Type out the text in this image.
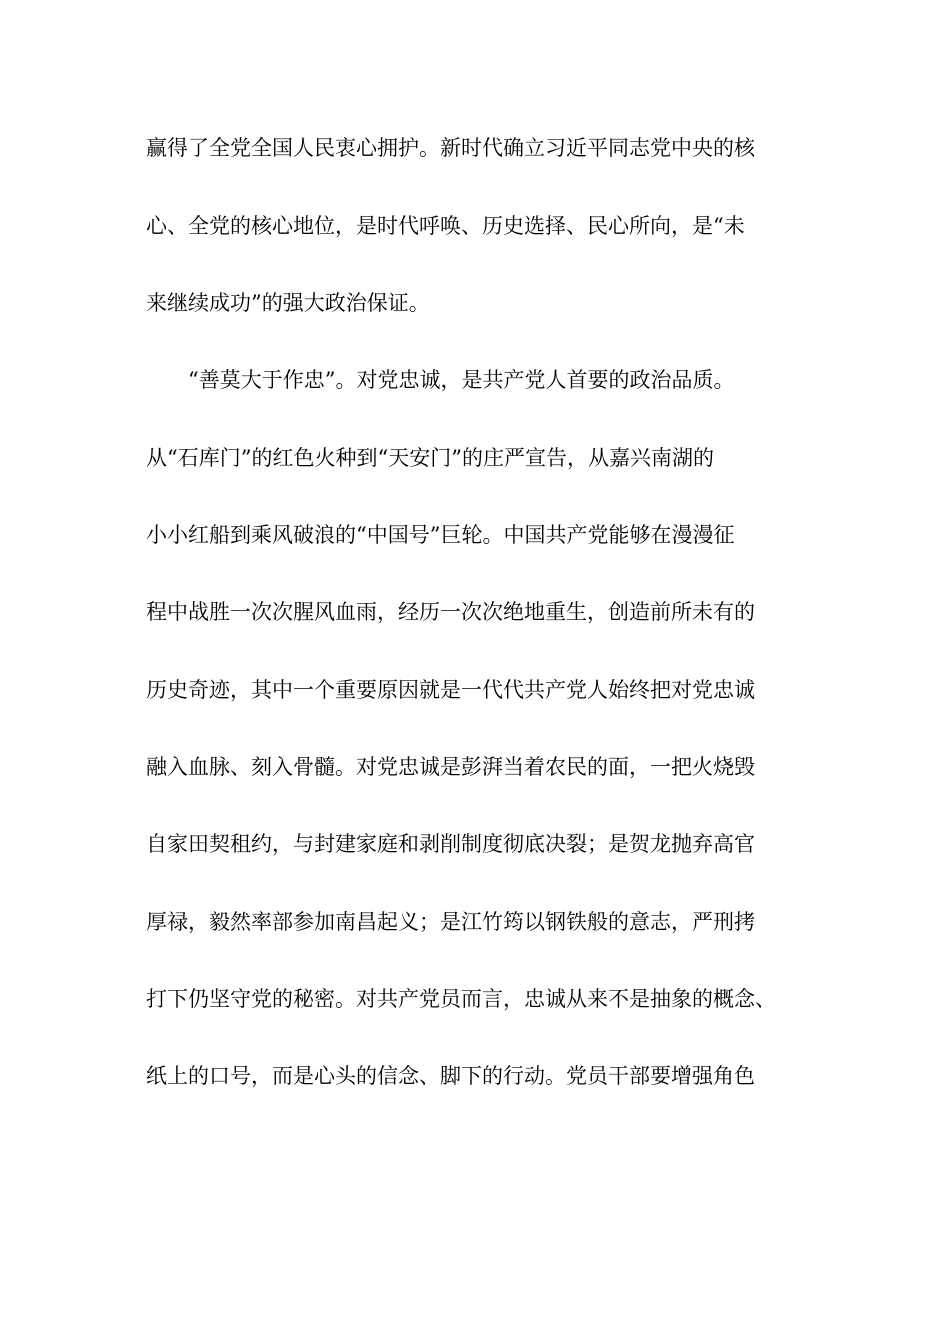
赢得了全党全国人民衷心拥护。新时代确立习近平同志党中央的核
心、全党的核心地位，是时代呼唤、历史选择、民心所向，是“未
来继续成功”的强大政治保证。
　　“善莫大于作忠”。对党忠诚，是共产党人首要的政治品质。
从“石库门”的红色火种到“天安门”的庄严宣告，从嘉兴南湖的
小小红船到乘风破浪的“中国号”巨轮。中国共产党能够在漫漫征
程中战胜一次次腥风血雨，经历一次次绝地重生，创造前所未有的
历史奇迹，其中一个重要原因就是一代代共产党人始终把对党忠诚
融入血脉、刻入骨髓。对党忠诚是彭湃当着农民的面，一把火烧毁
自家田契租约，与封建家庭和剥削制度彻底决裂；是贺龙抛弃高官
厚禄，毅然率部参加南昌起义；是江竹筠以钢铁般的意志，严刑拷
打下仍坚守党的秘密。对共产党员而言，忠诚从来不是抽象的概念、
纸上的口号，而是心头的信念、脚下的行动。党员干部要增强角色
